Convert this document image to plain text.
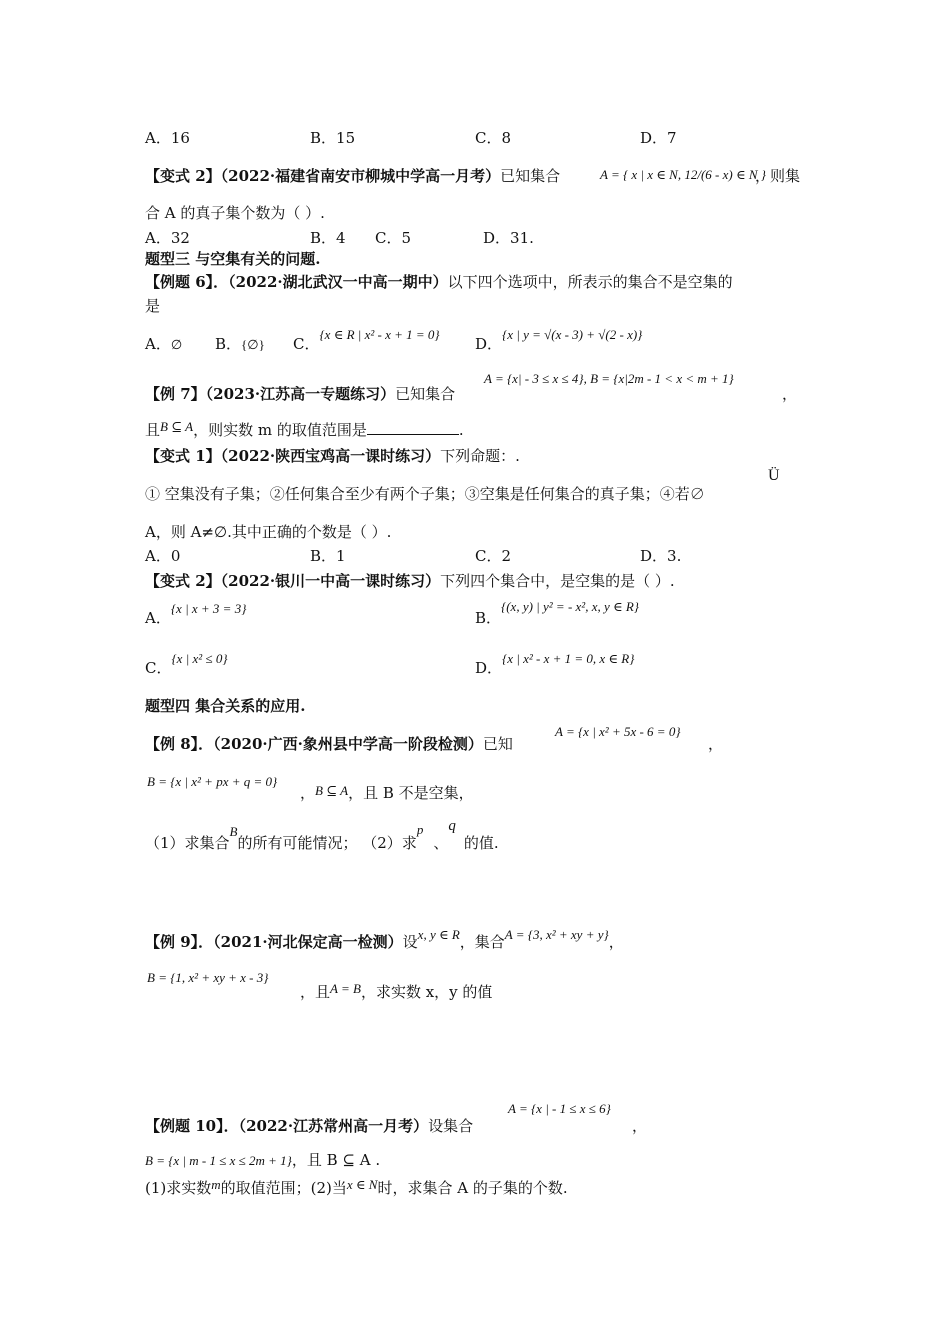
A．16	B．15	C．8	D．7
【变式 2】（2022·福建省南安市柳城中学高一月考）已知集合	A = { x | x ∈ N, 12/(6 - x) ∈ N }
，则集
合 A 的真子集个数为（ ）.
A．32	B．4 C．5	D．31.
题型三 与空集有关的问题.
【例题 6】．（2022·湖北武汉一中高一期中）以下四个选项中，所表示的集合不是空集的
是
A．∅ B．{∅} C．{x ∈ R | x² - x + 1 = 0}
D．{x | y = √(x - 3) + √(2 - x)}
【例 7】（2023·江苏高一专题练习）已知集合
A = {x| - 3 ≤ x ≤ 4}, B = {x|2m - 1 < x < m + 1}
，
且B ⊆ A，则实数 m 的取值范围是	.
【变式 1】（2022·陕西宝鸡高一课时练习）下列命题：.
Ü
① 空集没有子集；②任何集合至少有两个子集；③空集是任何集合的真子集；④若∅
A，则 A≠∅.其中正确的个数是（ ）.
A．0	B．1	C．2	D．3.
【变式 2】（2022·银川一中高一课时练习）下列四个集合中，是空集的是（ ）.
A．{x | x + 3 = 3}
B．{(x, y) | y² = - x², x, y ∈ R}
C．{x | x² ≤ 0}
D．{x | x² - x + 1 = 0, x ∈ R}
题型四 集合关系的应用.
【例 8】．（2020·广西·象州县中学高一阶段检测）已知
A = {x | x² + 5x - 6 = 0}
，
B = {x | x² + px + q = 0}
，B ⊆ A，且 B 不是空集，
（1）求集合B的所有可能情况； （2）求p、q的值.
【例 9】．（2021·河北保定高一检测）设x, y ∈ R，集合A = {3, x² + xy + y}，
B = {1, x² + xy + x - 3}
，且A = B，求实数 x，y 的值
A = {x | - 1 ≤ x ≤ 6}
【例题 10】．（2022·江苏常州高一月考）设集合	，
B = {x | m - 1 ≤ x ≤ 2m + 1}，且 B ⊆ A .
(1)求实数m的取值范围；(2)当x ∈ N时，求集合 A 的子集的个数.
